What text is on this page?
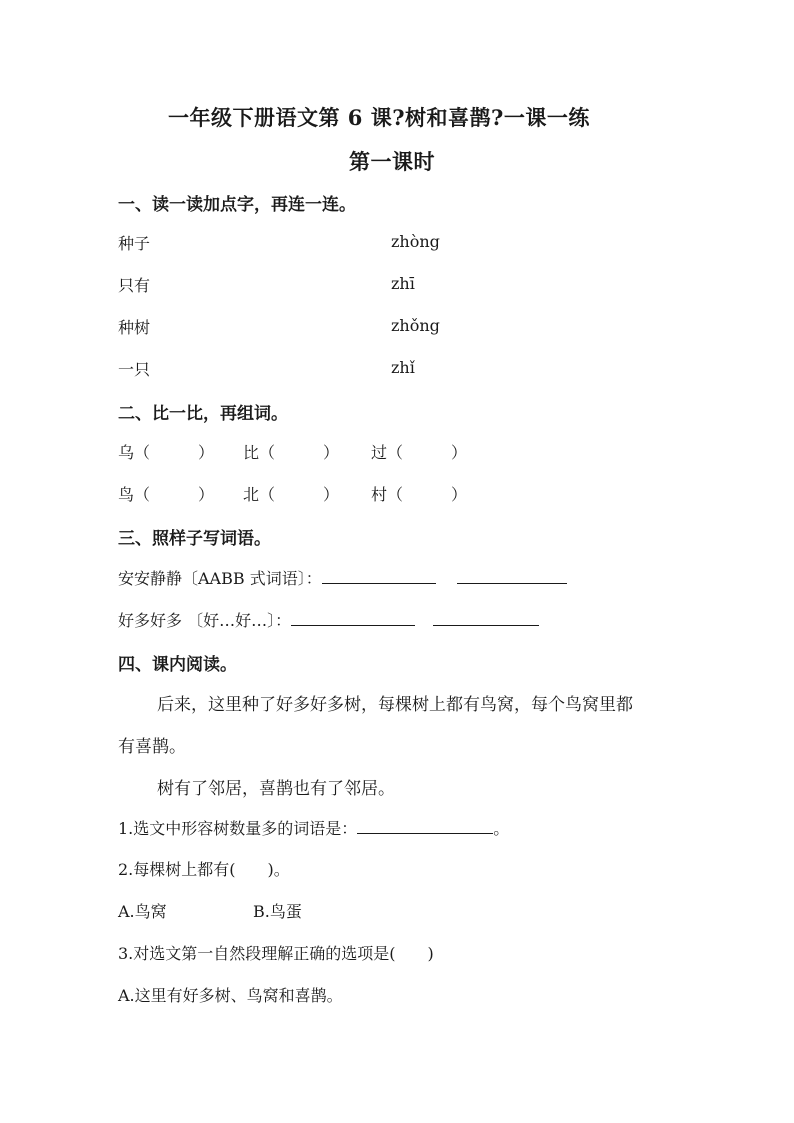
一年级下册语文第 6 课?树和喜鹊?一课一练
第一课时
一、读一读加点字，再连一连。
种子	zhòng
只有	zhī
种树	zhǒng
一只	zhǐ
二、比一比，再组词。
乌（　　　） 比（　　　） 过（　　　）
鸟（　　　） 北（　　　） 村（　　　）
三、照样子写词语。
安安静静〔AABB 式词语〕：
好多好多 〔好…好…〕：
四、课内阅读。
后来，这里种了好多好多树，每棵树上都有鸟窝，每个鸟窝里都
有喜鹊。
树有了邻居，喜鹊也有了邻居。
1.选文中形容树数量多的词语是：	。
2.每棵树上都有(　　)。
A.鸟窝	B.鸟蛋
3.对选文第一自然段理解正确的选项是(　　)
A.这里有好多树、鸟窝和喜鹊。
